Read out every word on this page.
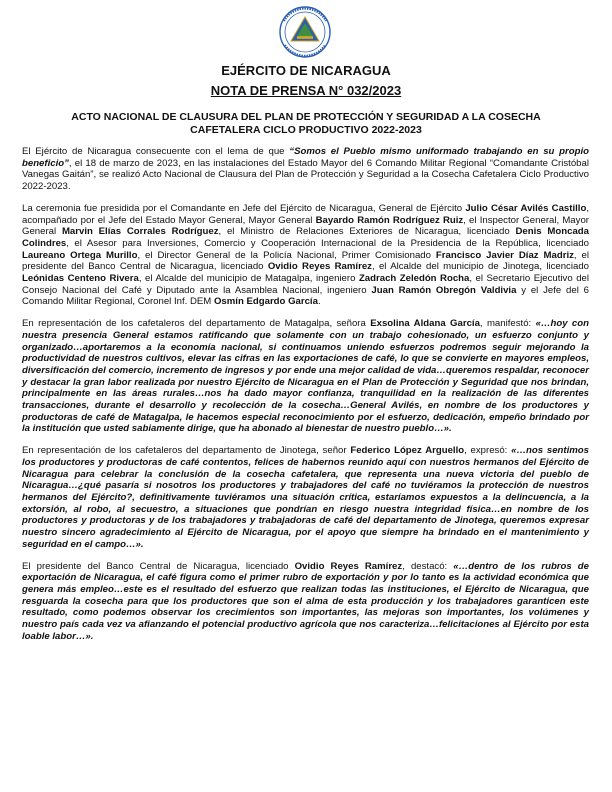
EJÉRCITO DE NICARAGUA
NOTA DE PRENSA N° 032/2023
ACTO NACIONAL DE CLAUSURA DEL PLAN DE PROTECCIÓN Y SEGURIDAD A LA COSECHA CAFETALERA CICLO PRODUCTIVO 2022-2023

El Ejército de Nicaragua consecuente con el lema de que “Somos el Pueblo mismo uniformado trabajando en su propio beneficio”, el 18 de marzo de 2023, en las instalaciones del Estado Mayor del 6 Comando Militar Regional “Comandante Cristóbal Vanegas Gaitán”, se realizó Acto Nacional de Clausura del Plan de Protección y Seguridad a la Cosecha Cafetalera Ciclo Productivo 2022-2023.

La ceremonia fue presidida por el Comandante en Jefe del Ejército de Nicaragua, General de Ejército Julio César Avilés Castillo, acompañado por el Jefe del Estado Mayor General, Mayor General Bayardo Ramón Rodríguez Ruiz, el Inspector General, Mayor General Marvin Elías Corrales Rodríguez, el Ministro de Relaciones Exteriores de Nicaragua, licenciado Denis Moncada Colindres, el Asesor para Inversiones, Comercio y Cooperación Internacional de la Presidencia de la República, licenciado Laureano Ortega Murillo, el Director General de la Policía Nacional, Primer Comisionado Francisco Javier Díaz Madriz, el presidente del Banco Central de Nicaragua, licenciado Ovidio Reyes Ramírez, el Alcalde del municipio de Jinotega, licenciado Leónidas Centeno Rivera, el Alcalde del municipio de Matagalpa, ingeniero Zadrach Zeledón Rocha, el Secretario Ejecutivo del Consejo Nacional del Café y Diputado ante la Asamblea Nacional, ingeniero Juan Ramón Obregón Valdivia y el Jefe del 6 Comando Militar Regional, Coronel Inf. DEM Osmín Edgardo García.

En representación de los cafetaleros del departamento de Matagalpa, señora Exsolina Aldana García, manifestó: «…hoy con nuestra presencia General estamos ratificando que solamente con un trabajo cohesionado, un esfuerzo conjunto y organizado…aportaremos a la economía nacional, si continuamos uniendo esfuerzos podremos seguir mejorando la productividad de nuestros cultivos, elevar las cifras en las exportaciones de café, lo que se convierte en mayores empleos, diversificación del comercio, incremento de ingresos y por ende una mejor calidad de vida…queremos respaldar, reconocer y destacar la gran labor realizada por nuestro Ejército de Nicaragua en el Plan de Protección y Seguridad que nos brindan, principalmente en las áreas rurales…nos ha dado mayor confianza, tranquilidad en la realización de las diferentes transacciones, durante el desarrollo y recolección de la cosecha…General Avilés, en nombre de los productores y productoras de café de Matagalpa, le hacemos especial reconocimiento por el esfuerzo, dedicación, empeño brindado por la institución que usted sabiamente dirige, que ha abonado al bienestar de nuestro pueblo…».

En representación de los cafetaleros del departamento de Jinotega, señor Federico López Arguello, expresó: «…nos sentimos los productores y productoras de café contentos, felices de habernos reunido aquí con nuestros hermanos del Ejército de Nicaragua para celebrar la conclusión de la cosecha cafetalera, que representa una nueva victoria del pueblo de Nicaragua…¿qué pasaría si nosotros los productores y trabajadores del café no tuviéramos la protección de nuestros hermanos del Ejército?, definitivamente tuviéramos una situación crítica, estaríamos expuestos a la delincuencia, a la extorsión, al robo, al secuestro, a situaciones que pondrían en riesgo nuestra integridad física…en nombre de los productores y productoras y de los trabajadores y trabajadoras de café del departamento de Jinotega, queremos expresar nuestro sincero agradecimiento al Ejército de Nicaragua, por el apoyo que siempre ha brindado en el mantenimiento y seguridad en el campo…».

El presidente del Banco Central de Nicaragua, licenciado Ovidio Reyes Ramírez, destacó: «…dentro de los rubros de exportación de Nicaragua, el café figura como el primer rubro de exportación y por lo tanto es la actividad económica que genera más empleo…este es el resultado del esfuerzo que realizan todas las instituciones, el Ejército de Nicaragua, que resguarda la cosecha para que los productores que son el alma de esta producción y los trabajadores garanticen este resultado, como podemos observar los crecimientos son importantes, las mejoras son importantes, los volúmenes y nuestro país cada vez va afianzando el potencial productivo agrícola que nos caracteriza…felicitaciones al Ejército por esta loable labor…».
